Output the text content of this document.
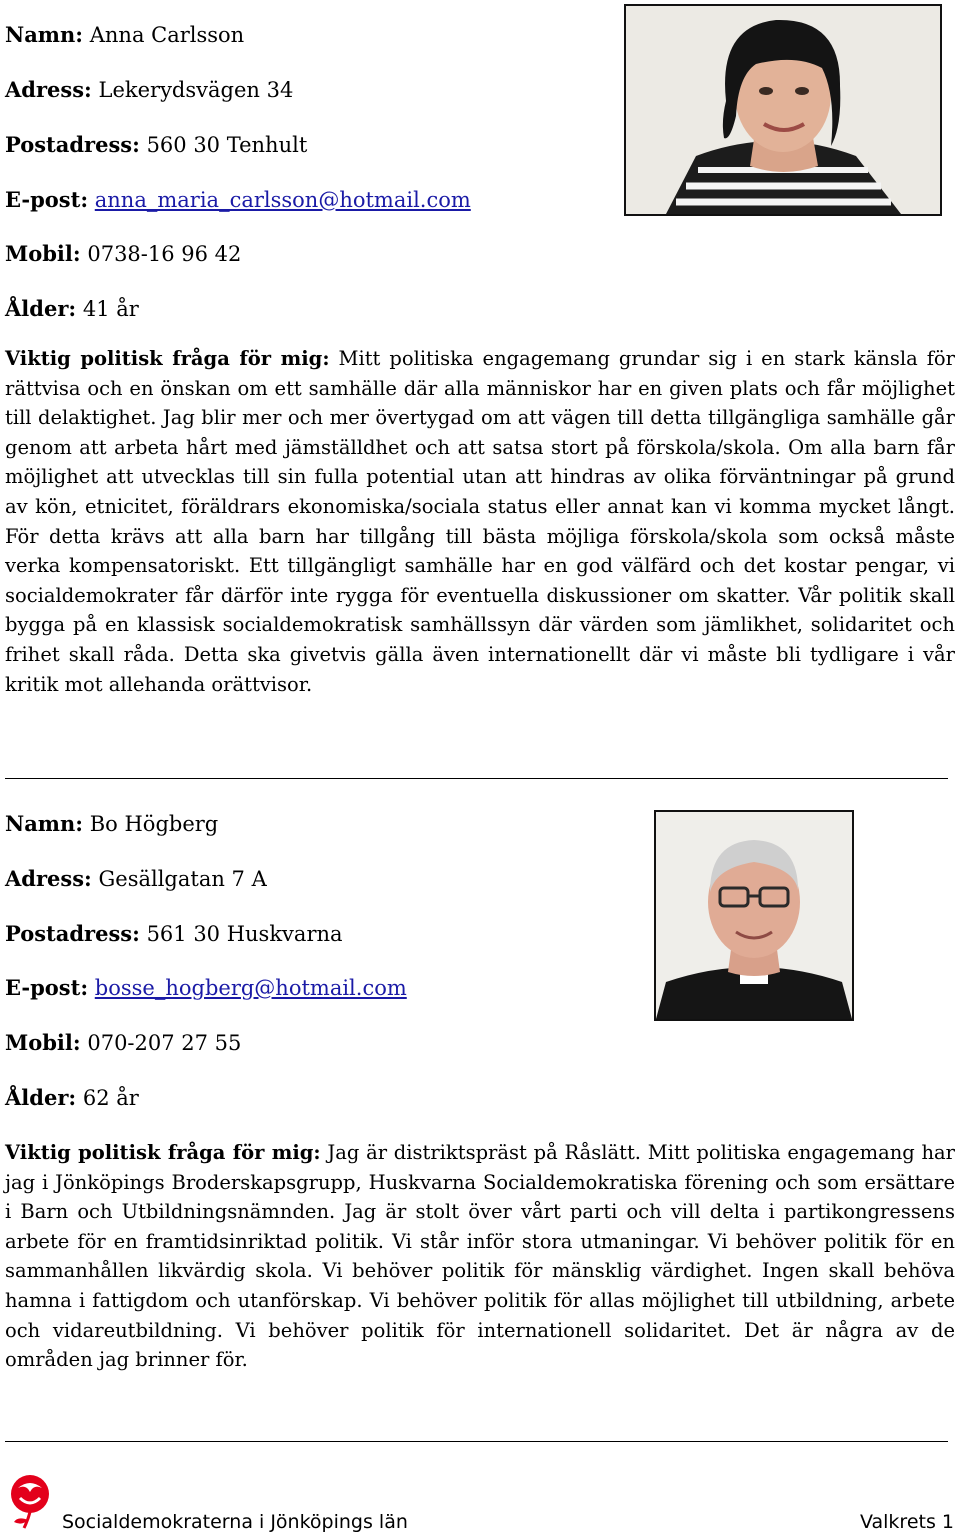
Namn: Anna Carlsson
Adress: Lekerydsvägen 34
Postadress: 560 30 Tenhult
E-post: anna_maria_carlsson@hotmail.com
Mobil: 0738-16 96 42
Ålder: 41 år

Viktig politisk fråga för mig: Mitt politiska engagemang grundar sig i en stark känsla för rättvisa och en önskan om ett samhälle där alla människor har en given plats och får möjlighet till delaktighet. Jag blir mer och mer övertygad om att vägen till detta tillgängliga samhälle går genom att arbeta hårt med jämställdhet och att satsa stort på förskola/skola. Om alla barn får möjlighet att utvecklas till sin fulla potential utan att hindras av olika förväntningar på grund av kön, etnicitet, föräldrars ekonomiska/sociala status eller annat kan vi komma mycket långt. För detta krävs att alla barn har tillgång till bästa möjliga förskola/skola som också måste verka kompensatoriskt. Ett tillgängligt samhälle har en god välfärd och det kostar pengar, vi socialdemokrater får därför inte rygga för eventuella diskussioner om skatter. Vår politik skall bygga på en klassisk socialdemokratisk samhällssyn där värden som jämlikhet, solidaritet och frihet skall råda. Detta ska givetvis gälla även internationellt där vi måste bli tydligare i vår kritik mot allehanda orättvisor.

Namn: Bo Högberg
Adress: Gesällgatan 7 A
Postadress: 561 30 Huskvarna
E-post: bosse_hogberg@hotmail.com
Mobil: 070-207 27 55
Ålder: 62 år

Viktig politisk fråga för mig: Jag är distriktspräst på Råslätt. Mitt politiska engagemang har jag i Jönköpings Broderskapsgrupp, Huskvarna Socialdemokratiska förening och som ersättare i Barn och Utbildningsnämnden. Jag är stolt över vårt parti och vill delta i partikongressens arbete för en framtidsinriktad politik. Vi står inför stora utmaningar. Vi behöver politik för en sammanhållen likvärdig skola. Vi behöver politik för mänsklig värdighet. Ingen skall behöva hamna i fattigdom och utanförskap. Vi behöver politik för allas möjlighet till utbildning, arbete och vidareutbildning. Vi behöver politik för internationell solidaritet. Det är några av de områden jag brinner för.

Socialdemokraterna i Jönköpings län	Valkrets 1
